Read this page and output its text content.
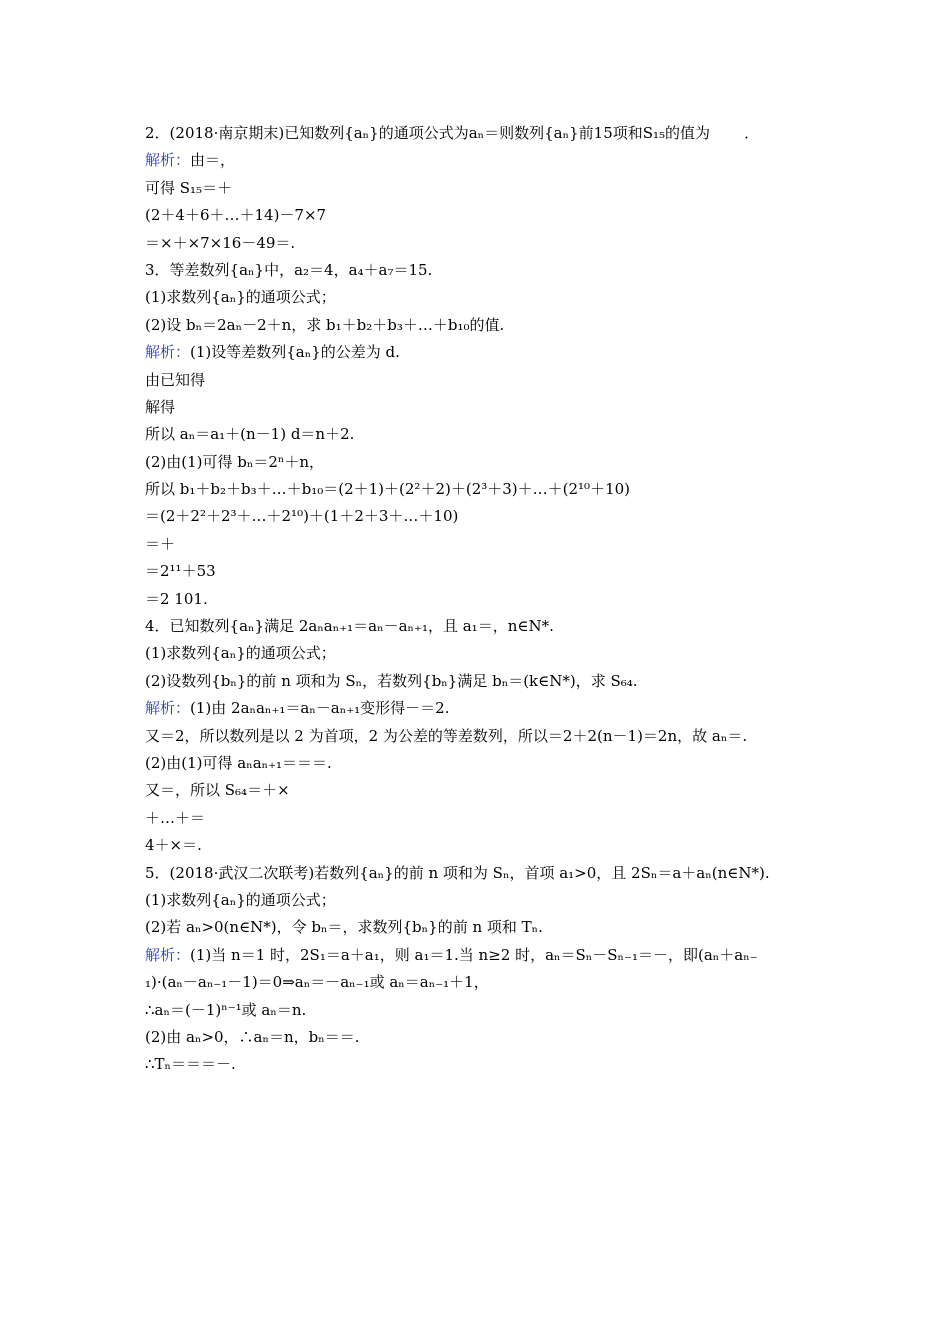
2．(2018·南京期末)已知数列{aₙ}的通项公式为aₙ＝则数列{aₙ}前15项和S₁₅的值为 ．
解析：由＝，
可得 S₁₅＝＋
(2＋4＋6＋…＋14)－7×7
＝×＋×7×16－49＝.
3．等差数列{aₙ}中，a₂＝4，a₄＋a₇＝15.
(1)求数列{aₙ}的通项公式；
(2)设 bₙ＝2aₙ－2＋n，求 b₁＋b₂＋b₃＋…＋b₁₀的值.
解析：(1)设等差数列{aₙ}的公差为 d.
由已知得
解得
所以 aₙ＝a₁＋(n－1) d＝n＋2.
(2)由(1)可得 bₙ＝2ⁿ＋n，
所以 b₁＋b₂＋b₃＋…＋b₁₀＝(2＋1)＋(2²＋2)＋(2³＋3)＋…＋(2¹⁰＋10)
＝(2＋2²＋2³＋…＋2¹⁰)＋(1＋2＋3＋…＋10)
＝＋
＝2¹¹＋53
＝2 101.
4．已知数列{aₙ}满足 2aₙaₙ₊₁＝aₙ－aₙ₊₁，且 a₁＝，n∈N*.
(1)求数列{aₙ}的通项公式；
(2)设数列{bₙ}的前 n 项和为 Sₙ，若数列{bₙ}满足 bₙ＝(k∈N*)，求 S₆₄.
解析：(1)由 2aₙaₙ₊₁＝aₙ－aₙ₊₁变形得－＝2.
又＝2，所以数列是以 2 为首项，2 为公差的等差数列，所以＝2＋2(n－1)＝2n，故 aₙ＝.
(2)由(1)可得 aₙaₙ₊₁＝＝＝.
又＝，所以 S₆₄＝＋×
＋…＋＝
4＋×＝.
5．(2018·武汉二次联考)若数列{aₙ}的前 n 项和为 Sₙ，首项 a₁>0，且 2Sₙ＝a＋aₙ(n∈N*).
(1)求数列{aₙ}的通项公式；
(2)若 aₙ>0(n∈N*)，令 bₙ＝，求数列{bₙ}的前 n 项和 Tₙ.
解析：(1)当 n＝1 时，2S₁＝a＋a₁，则 a₁＝1.当 n≥2 时，aₙ＝Sₙ－Sₙ₋₁＝－，即(aₙ＋aₙ₋
₁)·(aₙ－aₙ₋₁－1)＝0⇒aₙ＝－aₙ₋₁或 aₙ＝aₙ₋₁＋1，
∴aₙ＝(－1)ⁿ⁻¹或 aₙ＝n.
(2)由 aₙ>0，∴aₙ＝n，bₙ＝＝.
∴Tₙ＝＝＝－.
